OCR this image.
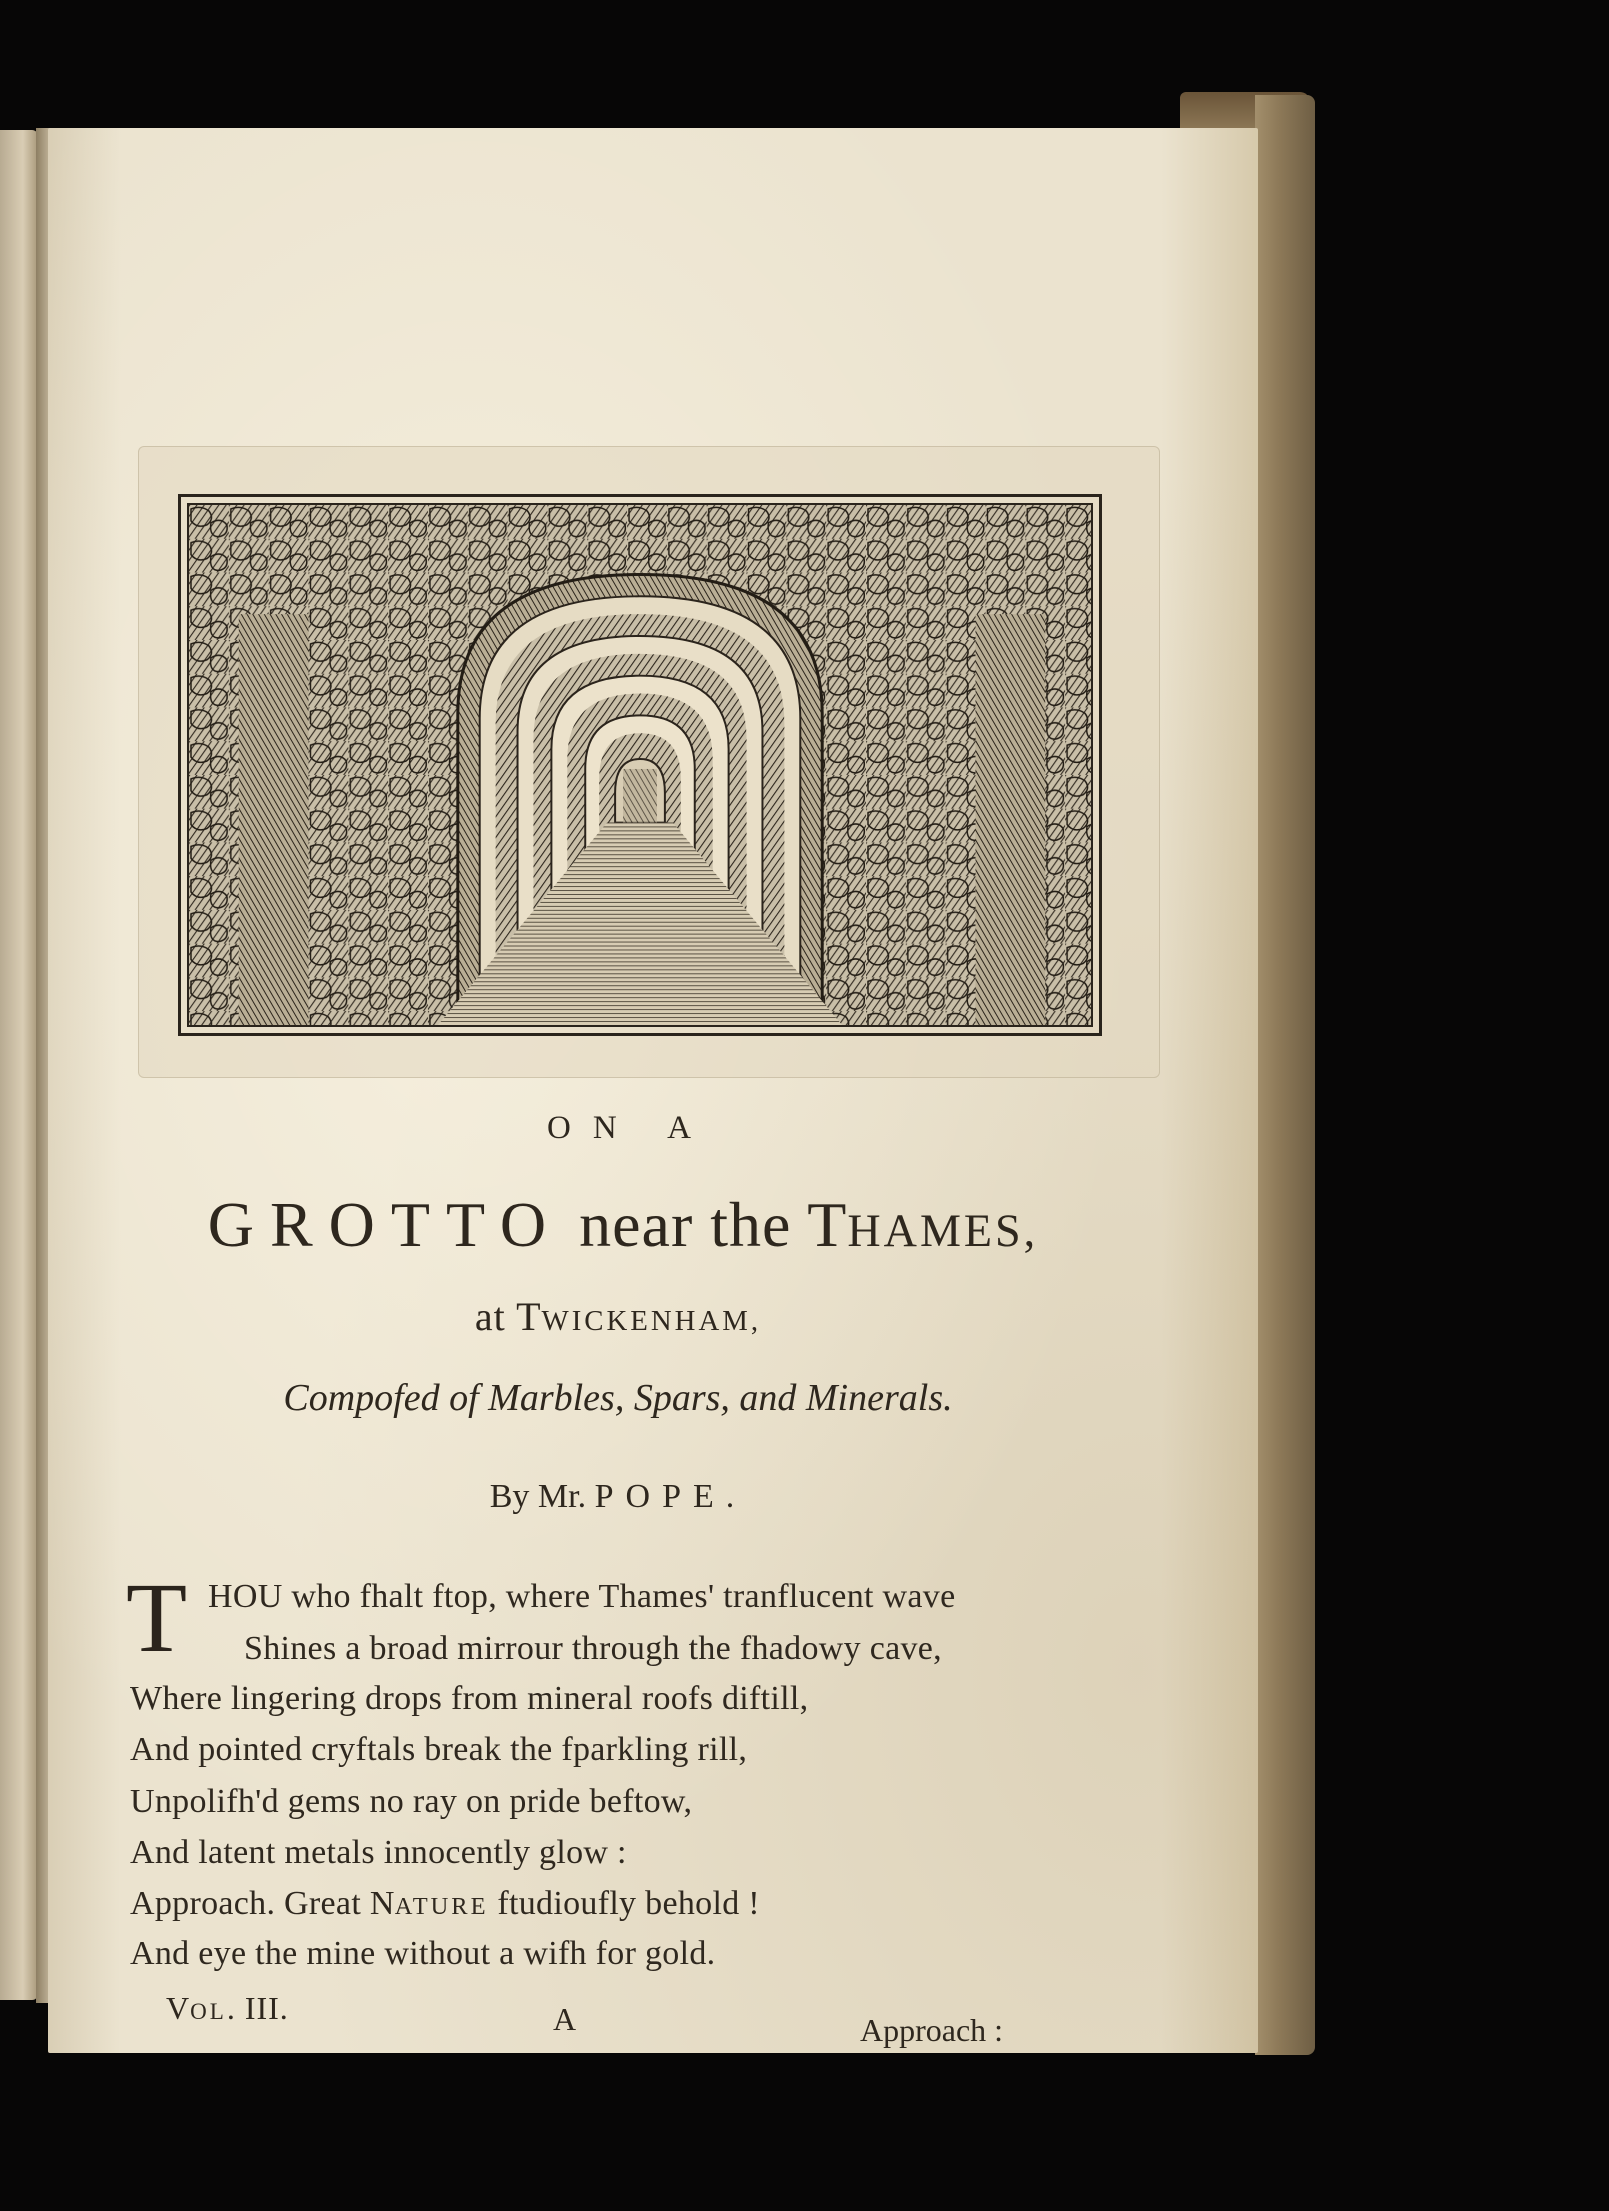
ON A
GROTTO near the THAMES,
at TWICKENHAM,
Compofed of Marbles, Spars, and Minerals.
By Mr. POPE.
T HOU who fhalt ftop, where Thames' tranflucent wave
Shines a broad mirrour through the fhadowy cave,
Where lingering drops from mineral roofs diftill,
And pointed cryftals break the fparkling rill,
Unpolifh'd gems no ray on pride beftow,
And latent metals innocently glow :
Approach. Great NATURE ftudioufly behold !
And eye the mine without a wifh for gold.
VOL. III.	A	Approach :
